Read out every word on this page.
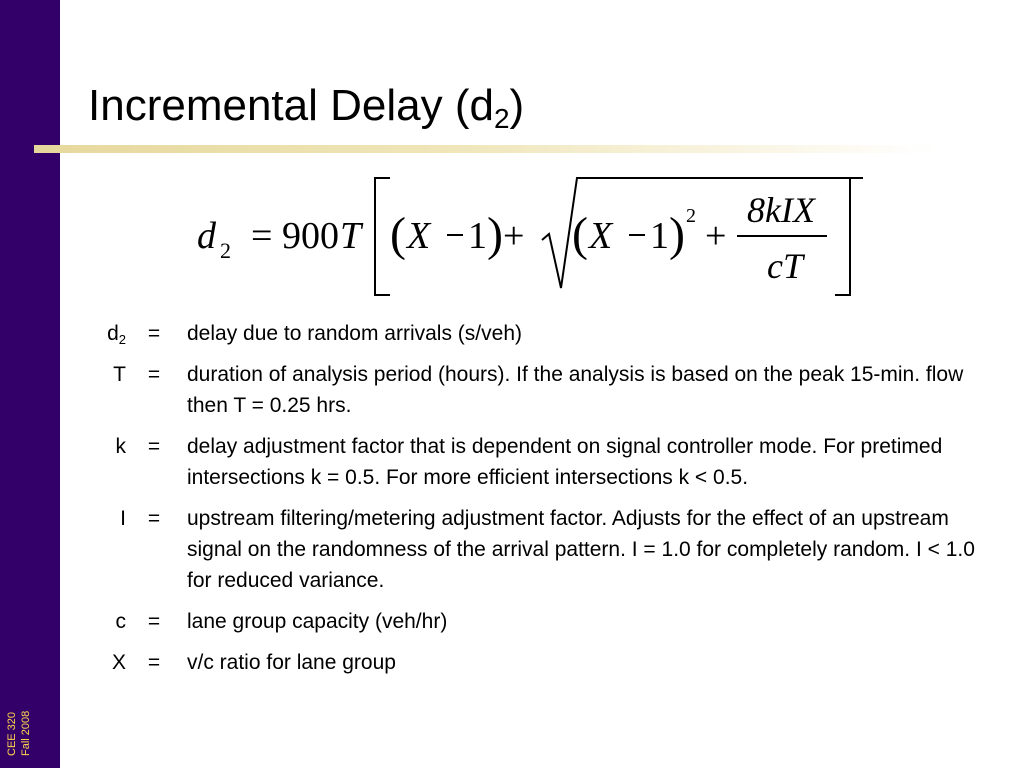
CEE 320 Fall 2008
Incremental Delay $(d_2)$
d 2 = 900 T ( X 1 ) + ( X 1 ) 2 +
8kIX
cT
$d_2$ = delay due to random arrivals (s/veh)
T = duration of analysis period (hours). If the analysis is based on the peak 15-min. flow then T = 0.25 hrs.
k = delay adjustment factor that is dependent on signal controller mode. For pretimed intersections k = 0.5. For more efficient intersections k < 0.5.
I = upstream filtering/metering adjustment factor. Adjusts for the effect of an upstream signal on the randomness of the arrival pattern. I = 1.0 for completely random. I < 1.0 for reduced variance.
c = lane group capacity (veh/hr)
X = v/c ratio for lane group
